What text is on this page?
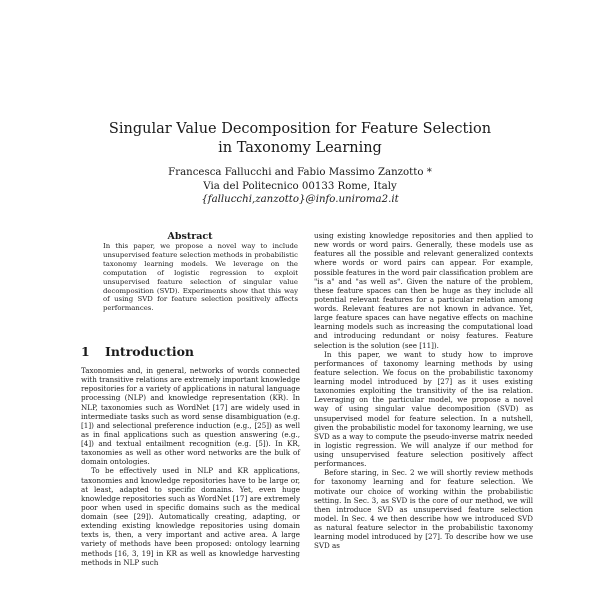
Singular Value Decomposition for Feature Selection
in Taxonomy Learning
Francesca Fallucchi and Fabio Massimo Zanzotto *
Via del Politecnico 00133 Rome, Italy
{fallucchi,zanzotto}@info.uniroma2.it
Abstract

In this paper, we propose a novel way to include unsupervised feature selection methods in probabilistic taxonomy learning models. We leverage on the computation of logistic regression to exploit unsupervised feature selection of singular value decomposition (SVD). Experiments show that this way of using SVD for feature selection positively affects performances.

1 Introduction

Taxonomies and, in general, networks of words connected with transitive relations are extremely important knowledge repositories for a variety of applications in natural language processing (NLP) and knowledge representation (KR). In NLP, taxonomies such as WordNet [17] are widely used in intermediate tasks such as word sense disambiguation (e.g. [1]) and selectional preference induction (e.g., [25]) as well as in final applications such as question answering (e.g., [4]) and textual entailment recognition (e.g. [5]). In KR, taxonomies as well as other word networks are the bulk of domain ontologies.

To be effectively used in NLP and KR applications, taxonomies and knowledge repositories have to be large or, at least, adapted to specific domains. Yet, even huge knowledge repositories such as WordNet [17] are extremely poor when used in specific domains such as the medical domain (see [29]). Automatically creating, adapting, or extending existing knowledge repositories using domain texts is, then, a very important and active area. A large variety of methods have been proposed: ontology learning methods [16, 3, 19] in KR as well as knowledge harvesting methods in NLP such

using existing knowledge repositories and then applied to new words or word pairs. Generally, these models use as features all the possible and relevant generalized contexts where words or word pairs can appear. For example, possible features in the word pair classification problem are "is a" and "as well as". Given the nature of the problem, these feature spaces can then be huge as they include all potential relevant features for a particular relation among words. Relevant features are not known in advance. Yet, large feature spaces can have negative effects on machine learning models such as increasing the computational load and introducing redundant or noisy features. Feature selection is the solution (see [11]).

In this paper, we want to study how to improve performances of taxonomy learning methods by using feature selection. We focus on the probabilistic taxonomy learning model introduced by [27] as it uses existing taxonomies exploiting the transitivity of the isa relation. Leveraging on the particular model, we propose a novel way of using singular value decomposition (SVD) as unsupervised model for feature selection. In a nutshell, given the probabilistic model for taxonomy learning, we use SVD as a way to compute the pseudo-inverse matrix needed in logistic regression. We will analyze if our method for using unsupervised feature selection positively affect performances.

Before staring, in Sec. 2 we will shortly review methods for taxonomy learning and for feature selection. We motivate our choice of working within the probabilistic setting. In Sec. 3, as SVD is the core of our method, we will then introduce SVD as unsupervised feature selection model. In Sec. 4 we then describe how we introduced SVD as natural feature selector in the probabilistic taxonomy learning model introduced by [27]. To describe how we use SVD as
